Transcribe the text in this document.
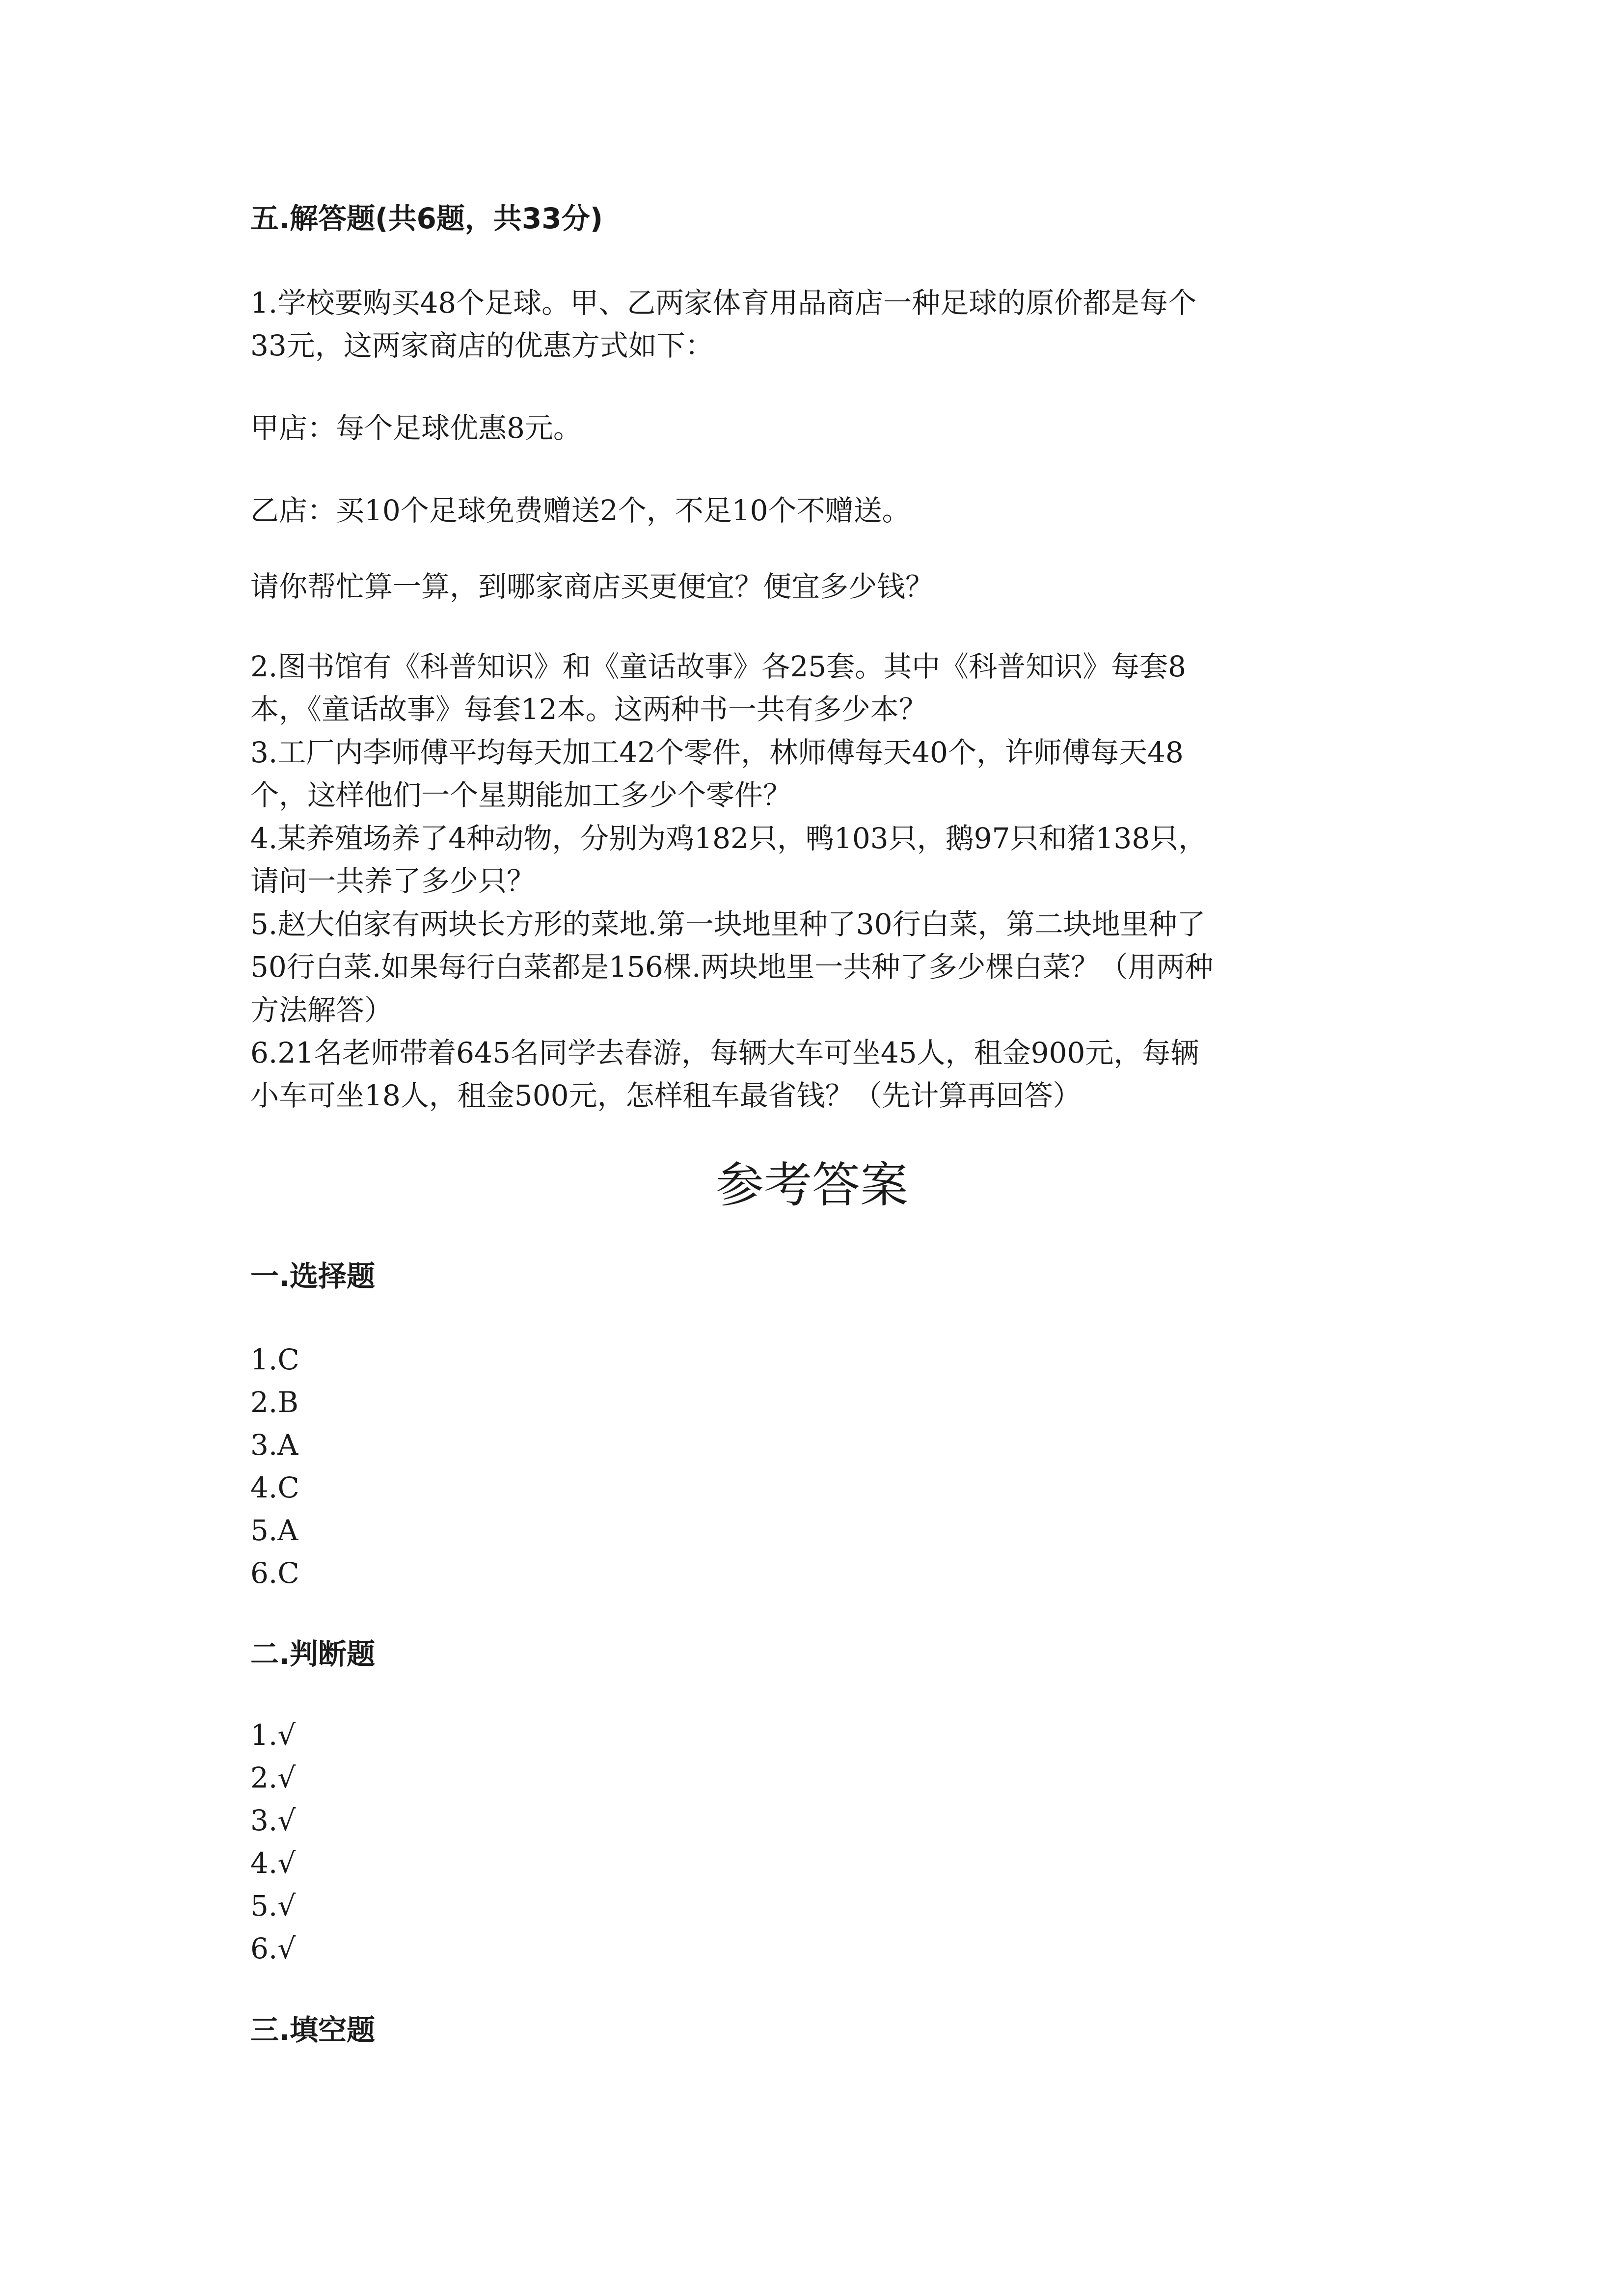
五.解答题(共6题，共33分)

1.学校要购买48个足球。甲、乙两家体育用品商店一种足球的原价都是每个

33元，这两家商店的优惠方式如下：

甲店：每个足球优惠8元。

乙店：买10个足球免费赠送2个，不足10个不赠送。

请你帮忙算一算，到哪家商店买更便宜？便宜多少钱？

2.图书馆有《科普知识》和《童话故事》各25套。其中《科普知识》每套8

本，《童话故事》每套12本。这两种书一共有多少本？

3.工厂内李师傅平均每天加工42个零件，林师傅每天40个，许师傅每天48

个，这样他们一个星期能加工多少个零件？

4.某养殖场养了4种动物，分别为鸡182只，鸭103只，鹅97只和猪138只，

请问一共养了多少只？

5.赵大伯家有两块长方形的菜地.第一块地里种了30行白菜，第二块地里种了

50行白菜.如果每行白菜都是156棵.两块地里一共种了多少棵白菜？（用两种

方法解答）

6.21名老师带着645名同学去春游，每辆大车可坐45人，租金900元，每辆

小车可坐18人，租金500元，怎样租车最省钱？（先计算再回答）

参考答案

一.选择题

1.C

2.B

3.A

4.C

5.A

6.C

二.判断题

1.√

2.√

3.√

4.√

5.√

6.√

三.填空题
